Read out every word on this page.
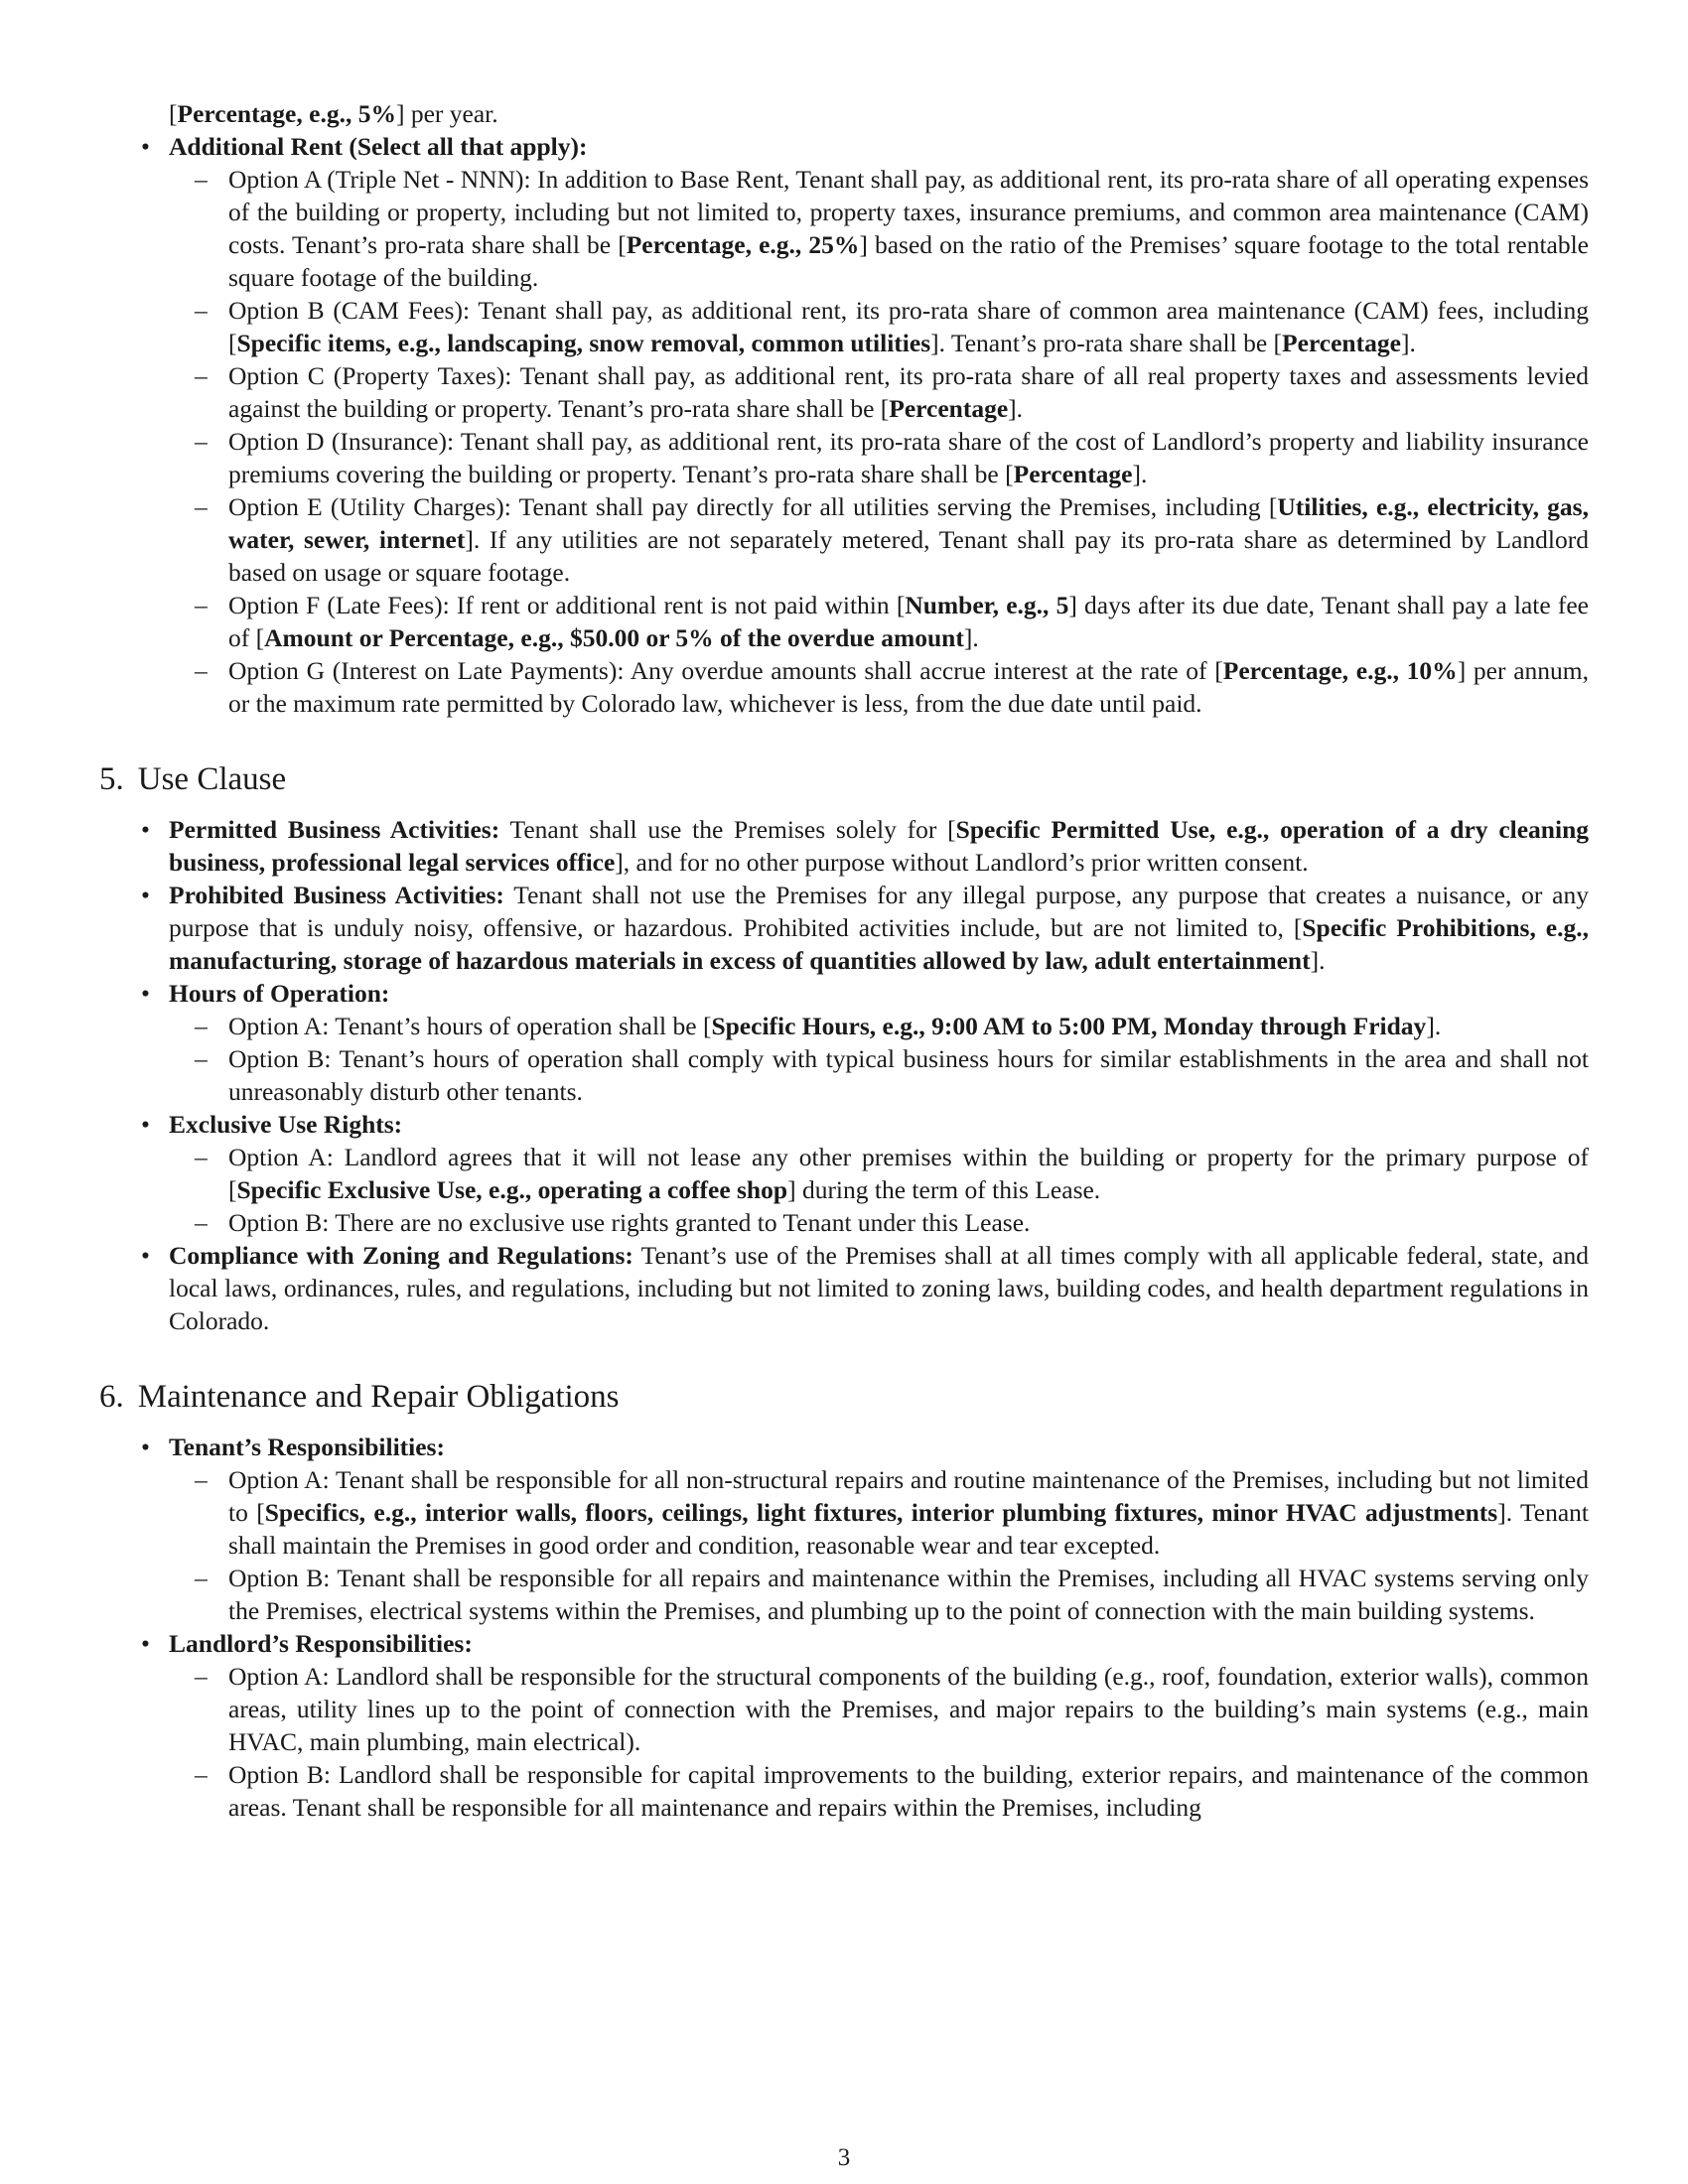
[Percentage, e.g., 5%] per year.

• Additional Rent (Select all that apply):
– Option A (Triple Net - NNN): In addition to Base Rent, Tenant shall pay, as additional rent, its pro-rata share of all operating expenses of the building or property, including but not limited to, property taxes, insurance premiums, and common area maintenance (CAM) costs. Tenant’s pro-rata share shall be [Percentage, e.g., 25%] based on the ratio of the Premises’ square footage to the total rentable square footage of the building.
– Option B (CAM Fees): Tenant shall pay, as additional rent, its pro-rata share of common area maintenance (CAM) fees, including [Specific items, e.g., landscaping, snow removal, common utilities]. Tenant’s pro-rata share shall be [Percentage].
– Option C (Property Taxes): Tenant shall pay, as additional rent, its pro-rata share of all real property taxes and assessments levied against the building or property. Tenant’s pro-rata share shall be [Percentage].
– Option D (Insurance): Tenant shall pay, as additional rent, its pro-rata share of the cost of Landlord’s property and liability insurance premiums covering the building or property. Tenant’s pro-rata share shall be [Percentage].
– Option E (Utility Charges): Tenant shall pay directly for all utilities serving the Premises, including [Utilities, e.g., electricity, gas, water, sewer, internet]. If any utilities are not separately metered, Tenant shall pay its pro-rata share as determined by Landlord based on usage or square footage.
– Option F (Late Fees): If rent or additional rent is not paid within [Number, e.g., 5] days after its due date, Tenant shall pay a late fee of [Amount or Percentage, e.g., $50.00 or 5% of the overdue amount].
– Option G (Interest on Late Payments): Any overdue amounts shall accrue interest at the rate of [Percentage, e.g., 10%] per annum, or the maximum rate permitted by Colorado law, whichever is less, from the due date until paid.
5. Use Clause
• Permitted Business Activities: Tenant shall use the Premises solely for [Specific Permitted Use, e.g., operation of a dry cleaning business, professional legal services office], and for no other purpose without Landlord’s prior written consent.
• Prohibited Business Activities: Tenant shall not use the Premises for any illegal purpose, any purpose that creates a nuisance, or any purpose that is unduly noisy, offensive, or hazardous. Prohibited activities include, but are not limited to, [Specific Prohibitions, e.g., manufacturing, storage of hazardous materials in excess of quantities allowed by law, adult entertainment].
• Hours of Operation:
– Option A: Tenant’s hours of operation shall be [Specific Hours, e.g., 9:00 AM to 5:00 PM, Monday through Friday].
– Option B: Tenant’s hours of operation shall comply with typical business hours for similar establishments in the area and shall not unreasonably disturb other tenants.
• Exclusive Use Rights:
– Option A: Landlord agrees that it will not lease any other premises within the building or property for the primary purpose of [Specific Exclusive Use, e.g., operating a coffee shop] during the term of this Lease.
– Option B: There are no exclusive use rights granted to Tenant under this Lease.
• Compliance with Zoning and Regulations: Tenant’s use of the Premises shall at all times comply with all applicable federal, state, and local laws, ordinances, rules, and regulations, including but not limited to zoning laws, building codes, and health department regulations in Colorado.
6. Maintenance and Repair Obligations
• Tenant’s Responsibilities:
– Option A: Tenant shall be responsible for all non-structural repairs and routine maintenance of the Premises, including but not limited to [Specifics, e.g., interior walls, floors, ceilings, light fixtures, interior plumbing fixtures, minor HVAC adjustments]. Tenant shall maintain the Premises in good order and condition, reasonable wear and tear excepted.
– Option B: Tenant shall be responsible for all repairs and maintenance within the Premises, including all HVAC systems serving only the Premises, electrical systems within the Premises, and plumbing up to the point of connection with the main building systems.
• Landlord’s Responsibilities:
– Option A: Landlord shall be responsible for the structural components of the building (e.g., roof, foundation, exterior walls), common areas, utility lines up to the point of connection with the Premises, and major repairs to the building’s main systems (e.g., main HVAC, main plumbing, main electrical).
– Option B: Landlord shall be responsible for capital improvements to the building, exterior repairs, and maintenance of the common areas. Tenant shall be responsible for all maintenance and repairs within the Premises, including
3
